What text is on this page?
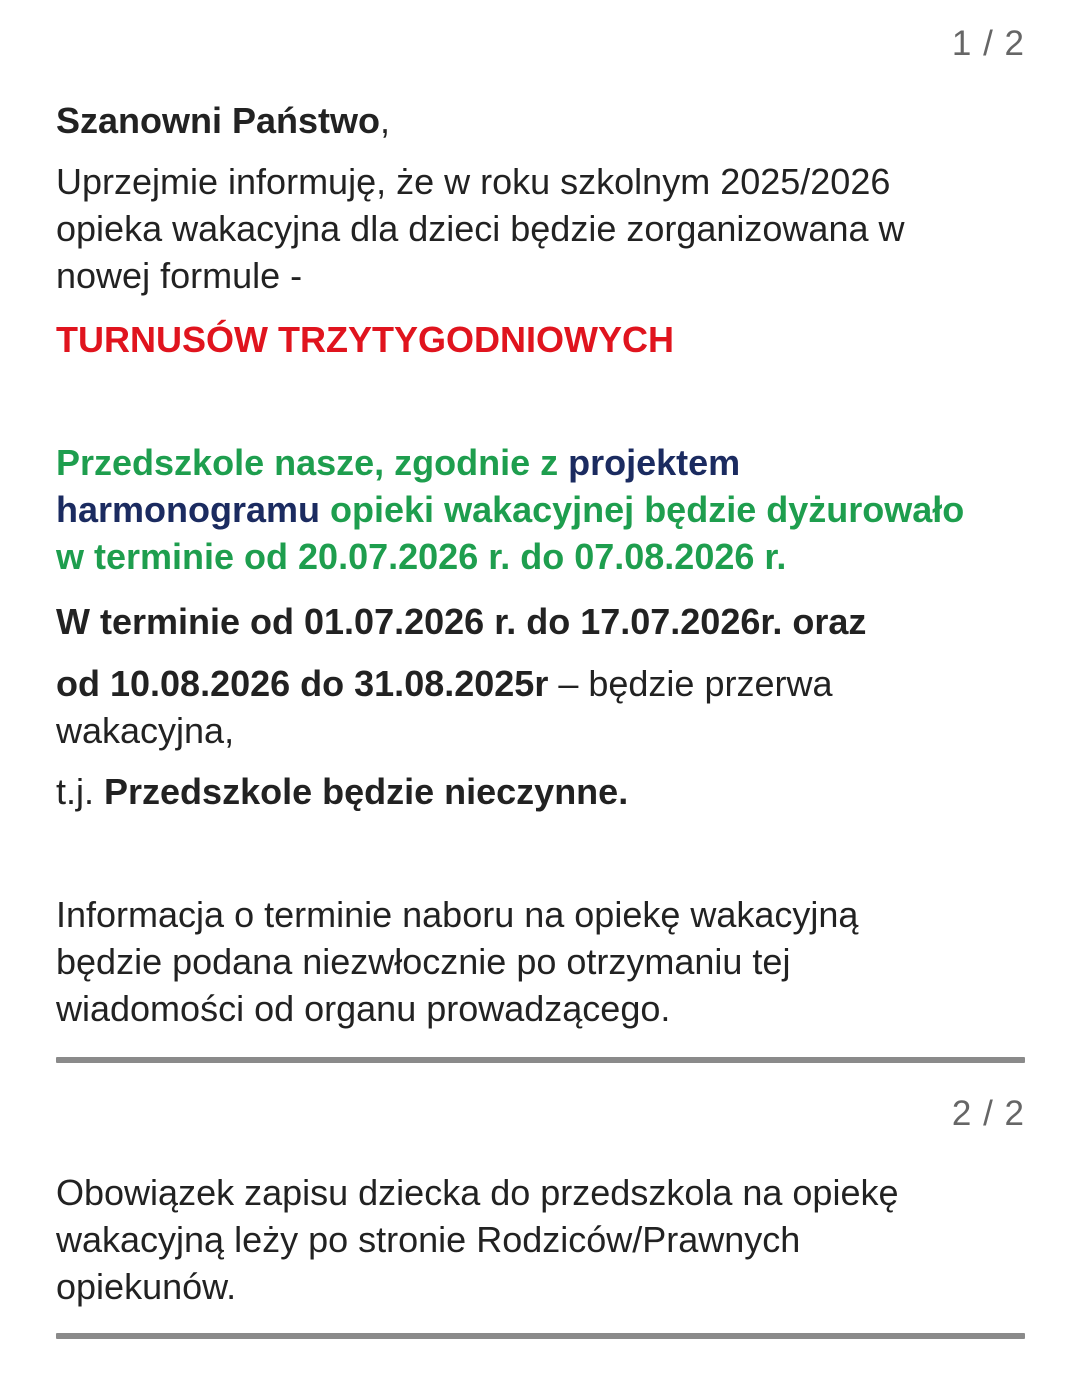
1 / 2

Szanowni Państwo,

Uprzejmie informuję, że w roku szkolnym 2025/2026
opieka wakacyjna dla dzieci będzie zorganizowana w
nowej formule -

TURNUSÓW TRZYTYGODNIOWYCH

Przedszkole nasze, zgodnie z projektem
harmonogramu opieki wakacyjnej będzie dyżurowało
w terminie od 20.07.2026 r. do 07.08.2026 r.

W terminie od 01.07.2026 r. do 17.07.2026r. oraz

od 10.08.2026 do 31.08.2025r – będzie przerwa
wakacyjna,

t.j. Przedszkole będzie nieczynne.

Informacja o terminie naboru na opiekę wakacyjną
będzie podana niezwłocznie po otrzymaniu tej
wiadomości od organu prowadzącego.

2 / 2

Obowiązek zapisu dziecka do przedszkola na opiekę
wakacyjną leży po stronie Rodziców/Prawnych
opiekunów.
